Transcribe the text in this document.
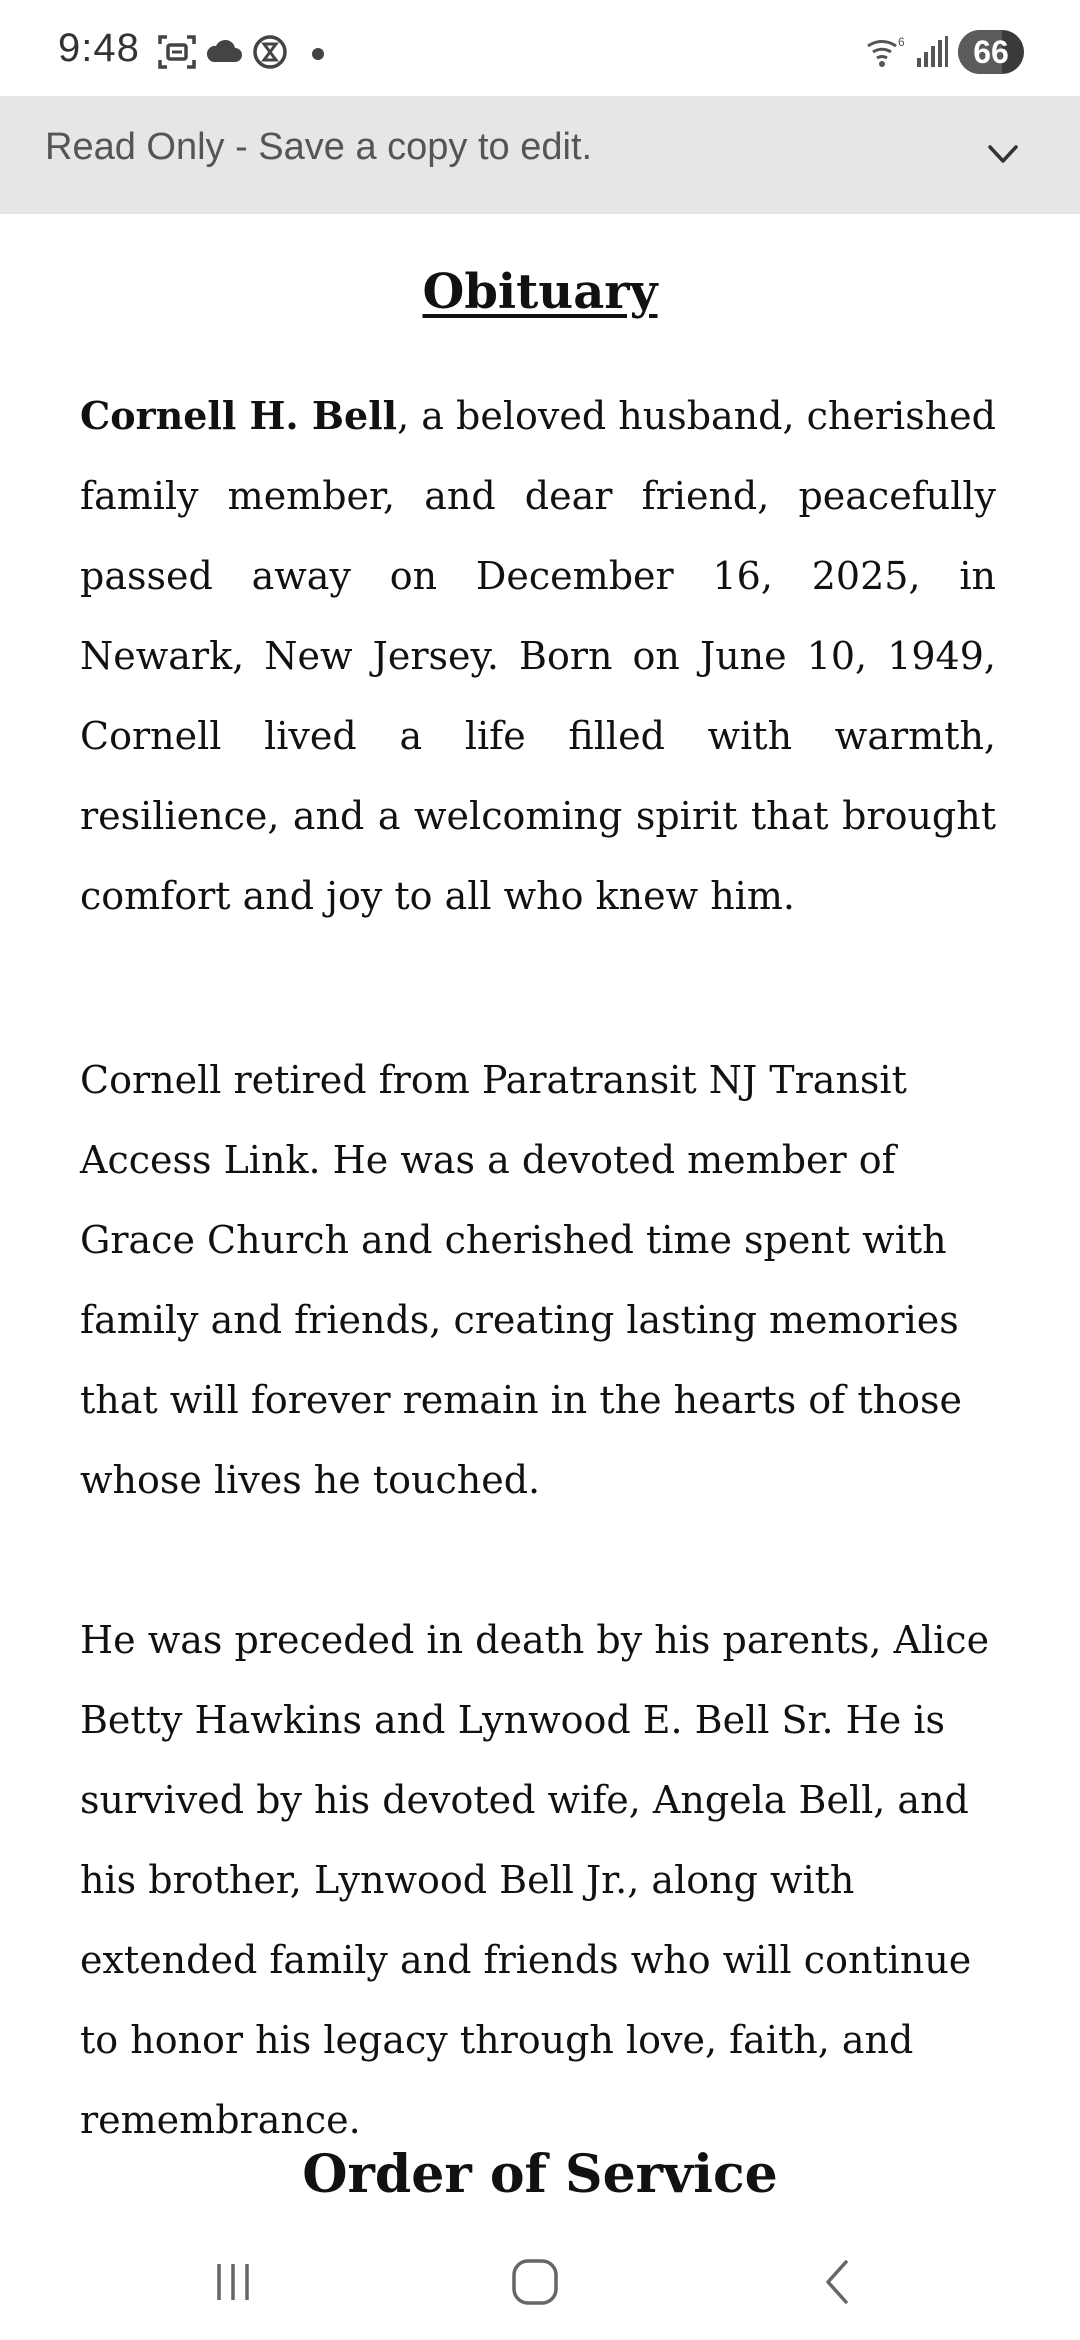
9:48	6	66
Read Only - Save a copy to edit.
Obituary

Cornell H. Bell, a beloved husband, cherished family member, and dear friend, peacefully passed away on December 16, 2025, in Newark, New Jersey. Born on June 10, 1949, Cornell lived a life filled with warmth, resilience, and a welcoming spirit that brought comfort and joy to all who knew him.

Cornell retired from Paratransit NJ Transit Access Link. He was a devoted member of Grace Church and cherished time spent with family and friends, creating lasting memories that will forever remain in the hearts of those whose lives he touched.

He was preceded in death by his parents, Alice Betty Hawkins and Lynwood E. Bell Sr. He is survived by his devoted wife, Angela Bell, and his brother, Lynwood Bell Jr., along with extended family and friends who will continue to honor his legacy through love, faith, and remembrance.

Order of Service
